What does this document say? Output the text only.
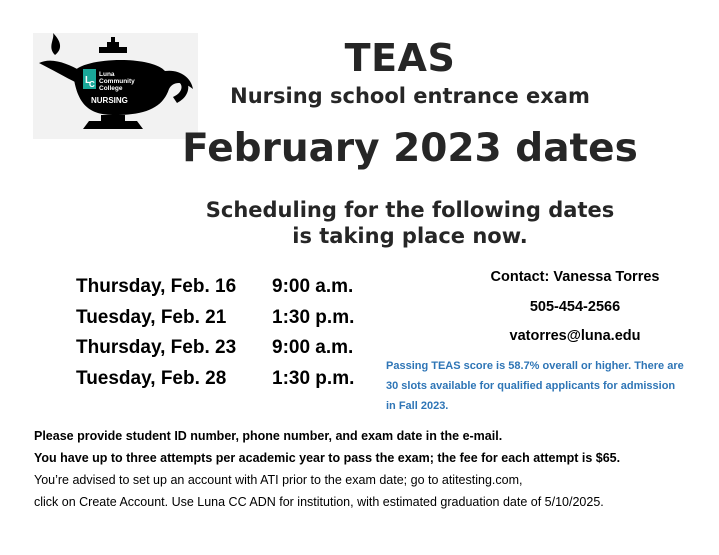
L
C
Luna
Community
College
NURSING
TEAS
Nursing school entrance exam
February 2023 dates
Scheduling for the following dates
is taking place now.
Thursday, Feb. 16 9:00 a.m.
Tuesday, Feb. 21 1:30 p.m.
Thursday, Feb. 23 9:00 a.m.
Tuesday, Feb. 28 1:30 p.m.
Contact: Vanessa Torres
505-454-2566
vatorres@luna.edu
Passing TEAS score is 58.7% overall or higher. There are
30 slots available for qualified applicants for admission
in Fall 2023.
Please provide student ID number, phone number, and exam date in the e-mail.
You have up to three attempts per academic year to pass the exam; the fee for each attempt is $65.
You’re advised to set up an account with ATI prior to the exam date; go to atitesting.com,
click on Create Account. Use Luna CC ADN for institution, with estimated graduation date of 5/10/2025.
